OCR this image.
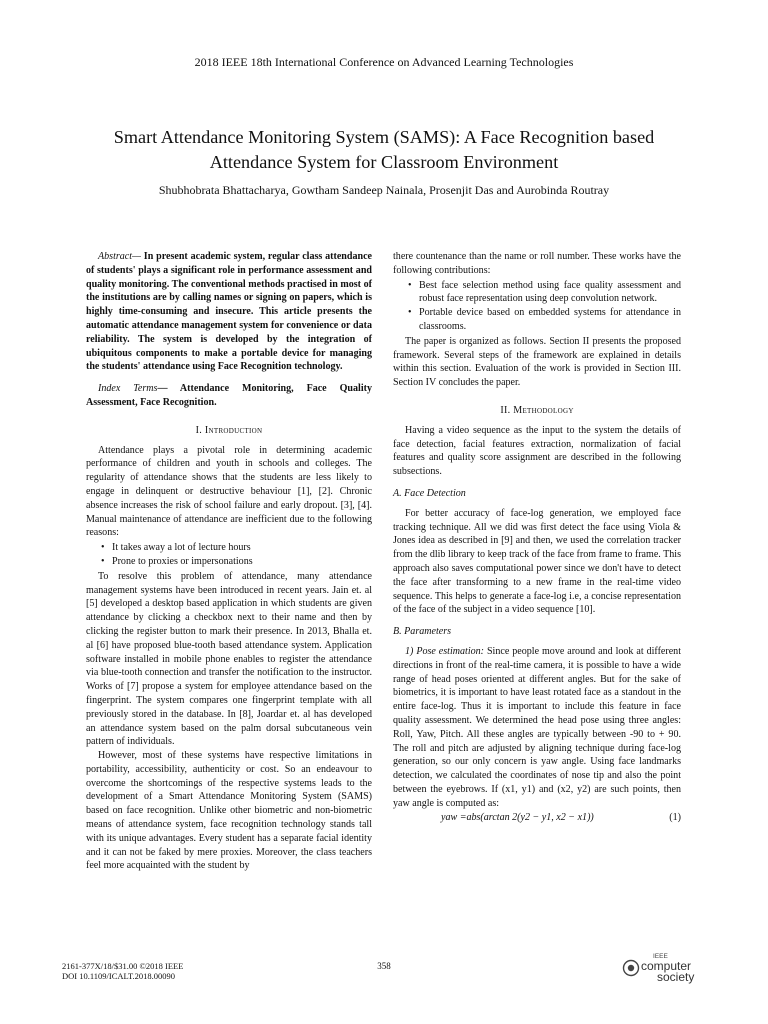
2018 IEEE 18th International Conference on Advanced Learning Technologies
Smart Attendance Monitoring System (SAMS): A Face Recognition based
Attendance System for Classroom Environment
Shubhobrata Bhattacharya, Gowtham Sandeep Nainala, Prosenjit Das and Aurobinda Routray

Abstract— In present academic system, regular class attendance of students' plays a significant role in performance assessment and quality monitoring. The conventional methods practised in most of the institutions are by calling names or signing on papers, which is highly time-consuming and insecure. This article presents the automatic attendance management system for convenience or data reliability. The system is developed by the integration of ubiquitous components to make a portable device for managing the students' attendance using Face Recognition technology.

Index Terms— Attendance Monitoring, Face Quality Assessment, Face Recognition.

I. Introduction

Attendance plays a pivotal role in determining academic performance of children and youth in schools and colleges. The regularity of attendance shows that the students are less likely to engage in delinquent or destructive behaviour [1], [2]. Chronic absence increases the risk of school failure and early dropout. [3], [4]. Manual maintenance of attendance are inefficient due to the following reasons:

• It takes away a lot of lecture hours
• Prone to proxies or impersonations

To resolve this problem of attendance, many attendance management systems have been introduced in recent years. Jain et. al [5] developed a desktop based application in which students are given attendance by clicking a checkbox next to their name and then by clicking the register button to mark their presence. In 2013, Bhalla et. al [6] have proposed blue-tooth based attendance system. Application software installed in mobile phone enables to register the attendance via blue-tooth connection and transfer the notification to the instructor. Works of [7] propose a system for employee attendance based on the fingerprint. The system compares one fingerprint template with all previously stored in the database. In [8], Joardar et. al has developed an attendance system based on the palm dorsal subcutaneous vein pattern of individuals.

However, most of these systems have respective limitations in portability, accessibility, authenticity or cost. So an endeavour to overcome the shortcomings of the respective systems leads to the development of a Smart Attendance Monitoring System (SAMS) based on face recognition. Unlike other biometric and non-biometric means of attendance system, face recognition technology stands tall with its unique advantages. Every student has a separate facial identity and it can not be faked by mere proxies. Moreover, the class teachers feel more acquainted with the student by

there countenance than the name or roll number. These works have the following contributions:

• Best face selection method using face quality assessment and robust face representation using deep convolution network.
• Portable device based on embedded systems for attendance in classrooms.

The paper is organized as follows. Section II presents the proposed framework. Several steps of the framework are explained in details within this section. Evaluation of the work is provided in Section III. Section IV concludes the paper.

II. Methodology

Having a video sequence as the input to the system the details of face detection, facial features extraction, normalization of facial features and quality score assignment are described in the following subsections.

A. Face Detection

For better accuracy of face-log generation, we employed face tracking technique. All we did was first detect the face using Viola & Jones idea as described in [9] and then, we used the correlation tracker from the dlib library to keep track of the face from frame to frame. This approach also saves computational power since we don't have to detect the face after transforming to a new frame in the real-time video sequence. This helps to generate a face-log i.e, a concise representation of the face of the subject in a video sequence [10].

B. Parameters

1) Pose estimation: Since people move around and look at different directions in front of the real-time camera, it is possible to have a wide range of head poses oriented at different angles. But for the sake of biometrics, it is important to have least rotated face as a standout in the entire face-log. Thus it is important to include this feature in face quality assessment. We determined the head pose using three angles: Roll, Yaw, Pitch. All these angles are typically between -90 to + 90. The roll and pitch are adjusted by aligning technique during face-log generation, so our only concern is yaw angle. Using face landmarks detection, we calculated the coordinates of nose tip and also the point between the eyebrows. If (x1, y1) and (x2, y2) are such points, then yaw angle is computed as:

yaw =abs(arctan 2(y2 − y1, x2 − x1))	(1)
2161-377X/18/$31.00 ©2018 IEEE
DOI 10.1109/ICALT.2018.00090
358
IEEE
computer
society
